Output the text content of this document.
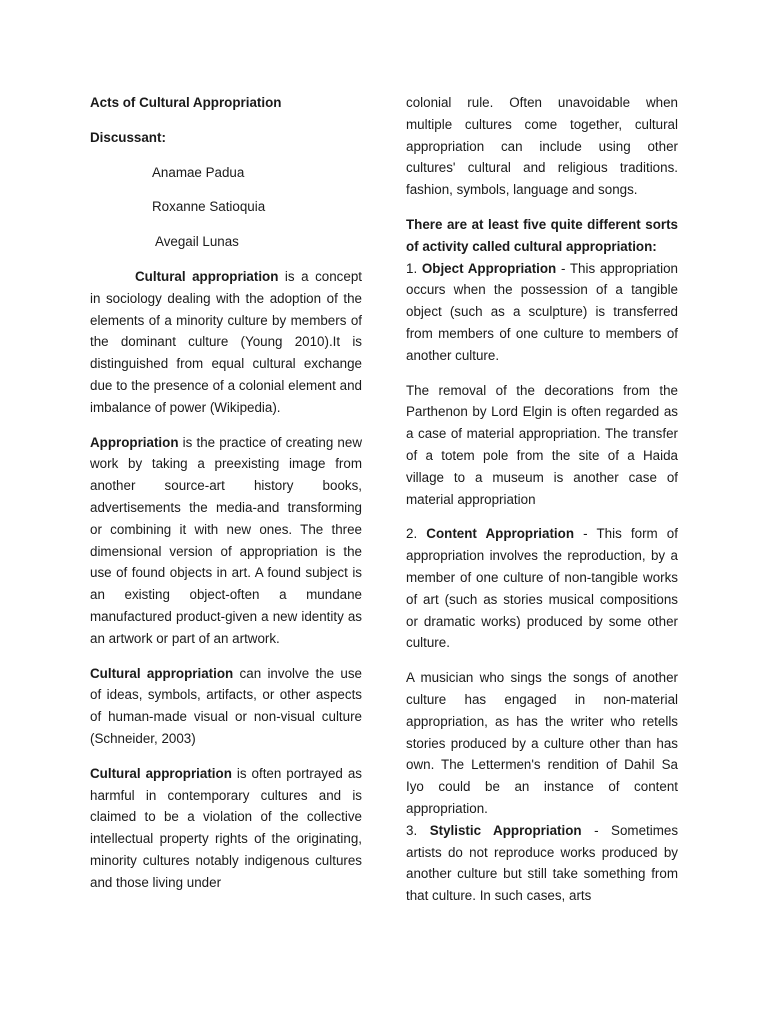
Acts of Cultural Appropriation

Discussant:

Anamae Padua
Roxanne Satioquia
Avegail Lunas

Cultural appropriation is a concept in sociology dealing with the adoption of the elements of a minority culture by members of the dominant culture (Young 2010).It is distinguished from equal cultural exchange due to the presence of a colonial element and imbalance of power (Wikipedia).

Appropriation is the practice of creating new work by taking a preexisting image from another source-art history books, advertisements the media-and transforming or combining it with new ones. The three dimensional version of appropriation is the use of found objects in art. A found subject is an existing object-often a mundane manufactured product-given a new identity as an artwork or part of an artwork.

Cultural appropriation can involve the use of ideas, symbols, artifacts, or other aspects of human-made visual or non-visual culture (Schneider, 2003)

Cultural appropriation is often portrayed as harmful in contemporary cultures and is claimed to be a violation of the collective intellectual property rights of the originating, minority cultures notably indigenous cultures and those living under

colonial rule. Often unavoidable when multiple cultures come together, cultural appropriation can include using other cultures' cultural and religious traditions. fashion, symbols, language and songs.

There are at least five quite different sorts of activity called cultural appropriation:

1. Object Appropriation - This appropriation occurs when the possession of a tangible object (such as a sculpture) is transferred from members of one culture to members of another culture.

The removal of the decorations from the Parthenon by Lord Elgin is often regarded as a case of material appropriation. The transfer of a totem pole from the site of a Haida village to a museum is another case of material appropriation

2. Content Appropriation - This form of appropriation involves the reproduction, by a member of one culture of non-tangible works of art (such as stories musical compositions or dramatic works) produced by some other culture.

A musician who sings the songs of another culture has engaged in non-material appropriation, as has the writer who retells stories produced by a culture other than has own. The Lettermen's rendition of Dahil Sa Iyo could be an instance of content appropriation.

3. Stylistic Appropriation - Sometimes artists do not reproduce works produced by another culture but still take something from that culture. In such cases, arts
